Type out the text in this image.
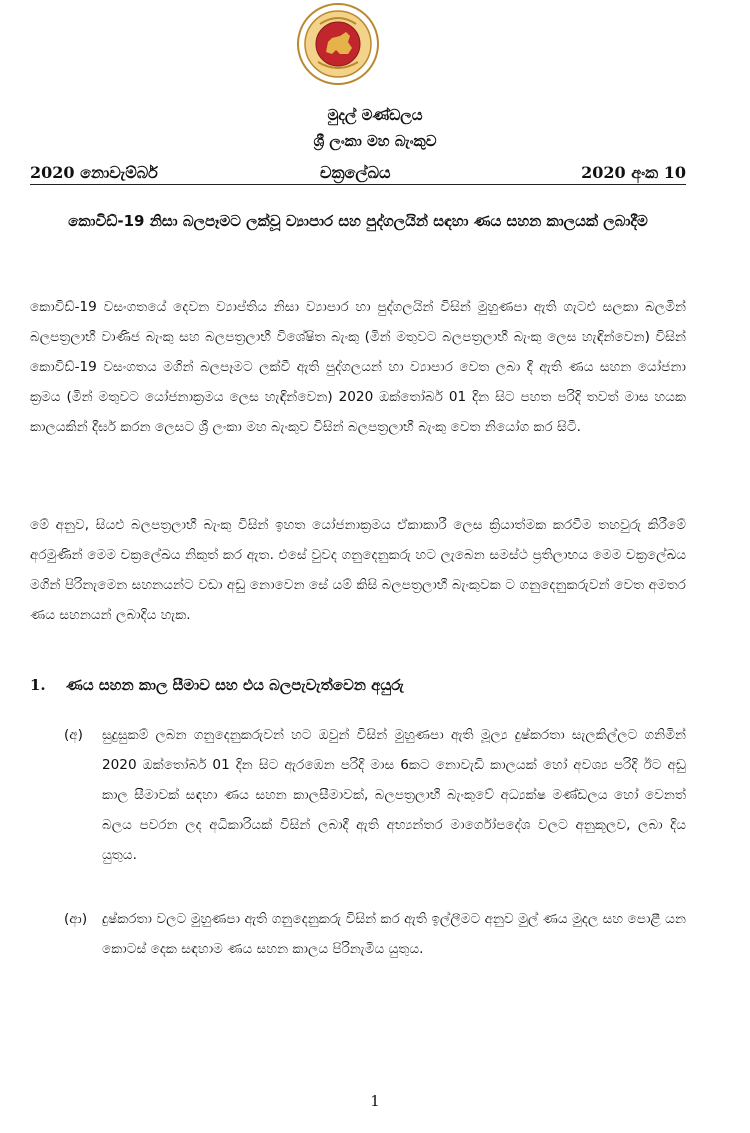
මුදල් මණ්ඩලය
ශ්‍රී ලංකා මහ බැංකුව
2020 නොවැම්බර්	චක්‍රලේඛය	2020 අංක 10
කොවිඩ්-19 නිසා බලපෑමට ලක්වූ ව්‍යාපාර සහ පුද්ගලයින් සඳහා ණය සහන කාලයක් ලබාදීම
කොවිඩ්-19 වසංගතයේ දෙවන ව්‍යාප්තිය නිසා ව්‍යාපාර හා පුද්ගලයින් විසින් මුහුණපා ඇති ගැටළු සලකා බලමින් බලපත්‍රලාභී වාණිජ බැංකු සහ බලපත්‍රලාභී විශේෂිත බැංකු (මින් මතුවට බලපත්‍රලාභී බැංකු ලෙස හැඳින්වෙන) විසින් කොවිඩ්-19 වසංගතය මගින් බලපෑමට ලක්වී ඇති පුද්ගලයන් හා ව්‍යාපාර වෙත ලබා දී ඇති ණය සහන යෝජනා ක්‍රමය (මින් මතුවට යෝජනාක්‍රමය ලෙස හැඳින්වෙන) 2020 ඔක්තෝබර් 01 දින සිට පහත පරිදි තවත් මාස හයක කාලයකින් දීර්ඝ කරන ලෙසට ශ්‍රී ලංකා මහ බැංකුව විසින් බලපත්‍රලාභී බැංකු වෙත නියෝග කර සිටී.
මේ අනුව, සියළු බලපත්‍රලාභී බැංකු විසින් ඉහත යෝජනාක්‍රමය ඒකාකාරී ලෙස ක්‍රියාත්මක කරවීම තහවුරු කිරීමේ අරමුණින් මෙම චක්‍රලේඛය නිකුත් කර ඇත. එසේ වුවද ගනුදෙනුකරු හට ලැබෙන සමස්ථ ප්‍රතිලාභය මෙම චක්‍රලේඛය මගින් පිරිනැමෙන සහනයන්ට වඩා අඩු නොවෙන සේ යම් කිසි බලපත්‍රලාභී බැංකුවක ට ගනුදෙනුකරුවන් වෙත අමතර ණය සහනයන් ලබාදිය හැක.
1. ණය සහන කාල සීමාව සහ එය බලපැවැත්වෙන අයුරු
(අ)	සුදුසුකම් ලබන ගනුදෙනුකරුවන් හට ඔවුන් විසින් මුහුණපා ඇති මූල්‍ය දුෂ්කරතා සැලකිල්ලට ගනිමින් 2020 ඔක්තෝබර් 01 දින සිට ඇරඹෙන පරිදි මාස 6කට නොවැඩි කාලයක් හෝ අවශ්‍ය පරිදි ඊට අඩු කාල සීමාවක් සඳහා ණය සහන කාලසීමාවක්, බලපත්‍රලාභී බැංකුවේ අධ්‍යක්ෂ මණ්ඩලය හෝ වෙනත් බලය පවරන ලද අධිකාරියක් විසින් ලබාදී ඇති අභ්‍යන්තර මාර්ගෝපදේශ වලට අනුකූලව, ලබා දිය යුතුය.
(ආ)	දුෂ්කරතා වලට මුහුණපා ඇති ගනුදෙනුකරු විසින් කර ඇති ඉල්ලීමට අනුව මුල් ණය මුදල සහ පොළී යන කොටස් දෙක සඳහාම ණය සහන කාලය පිරිනැමිය යුතුය.
1
